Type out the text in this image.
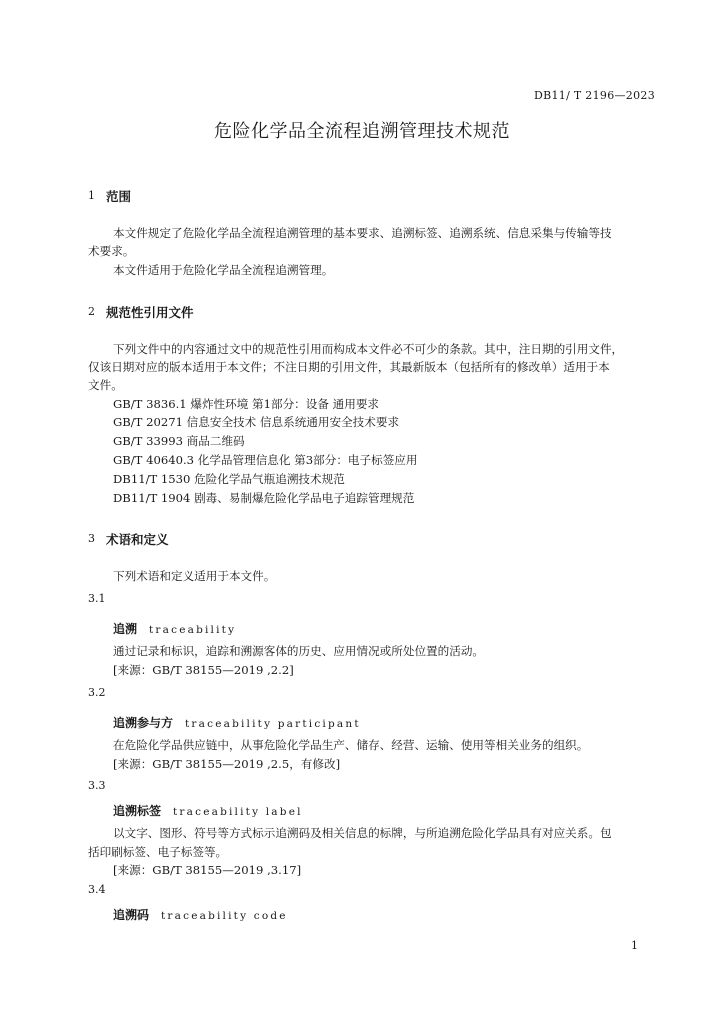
DB11/ T 2196—2023
危险化学品全流程追溯管理技术规范
1 范围
本文件规定了危险化学品全流程追溯管理的基本要求、追溯标签、追溯系统、信息采集与传输等技
术要求。
本文件适用于危险化学品全流程追溯管理。
2 规范性引用文件
下列文件中的内容通过文中的规范性引用而构成本文件必不可少的条款。其中，注日期的引用文件，
仅该日期对应的版本适用于本文件；不注日期的引用文件，其最新版本（包括所有的修改单）适用于本
文件。
GB/T 3836.1 爆炸性环境 第1部分：设备 通用要求
GB/T 20271 信息安全技术 信息系统通用安全技术要求
GB/T 33993 商品二维码
GB/T 40640.3 化学品管理信息化 第3部分：电子标签应用
DB11/T 1530 危险化学品气瓶追溯技术规范
DB11/T 1904 剧毒、易制爆危险化学品电子追踪管理规范
3 术语和定义
下列术语和定义适用于本文件。
3.1
追溯 traceability
通过记录和标识，追踪和溯源客体的历史、应用情况或所处位置的活动。
[来源：GB/T 38155—2019 ,2.2]
3.2
追溯参与方 traceability participant
在危险化学品供应链中，从事危险化学品生产、储存、经营、运输、使用等相关业务的组织。
[来源：GB/T 38155—2019 ,2.5，有修改]
3.3
追溯标签 traceability label
以文字、图形、符号等方式标示追溯码及相关信息的标牌，与所追溯危险化学品具有对应关系。包
括印刷标签、电子标签等。
[来源：GB/T 38155—2019 ,3.17]
3.4
追溯码 traceability code
1
